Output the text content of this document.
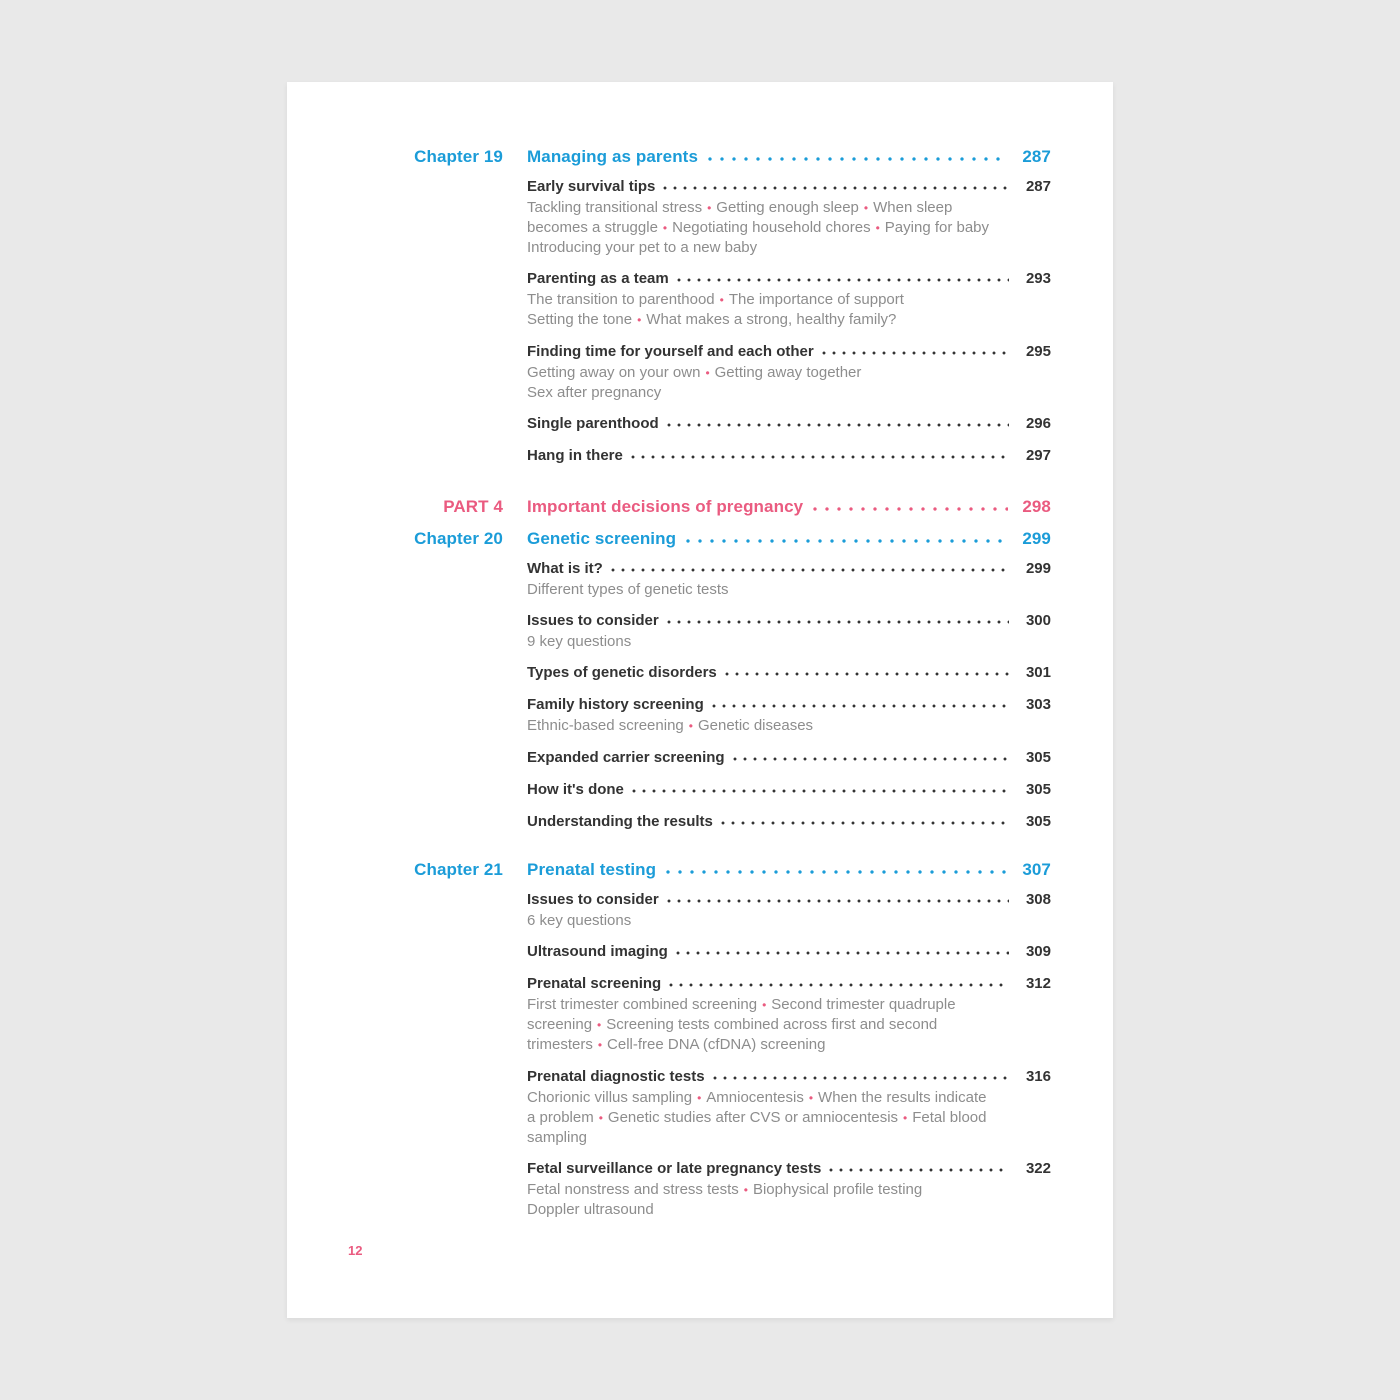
Chapter 19 Managing as parents	287
Early survival tips	287
Tackling transitional stress • Getting enough sleep • When sleep
becomes a struggle • Negotiating household chores • Paying for baby
Introducing your pet to a new baby
Parenting as a team	293
The transition to parenthood • The importance of support
Setting the tone • What makes a strong, healthy family?
Finding time for yourself and each other	295
Getting away on your own • Getting away together
Sex after pregnancy
Single parenthood	296
Hang in there	297
PART 4 Important decisions of pregnancy	298
Chapter 20 Genetic screening	299
What is it?	299
Different types of genetic tests
Issues to consider	300
9 key questions
Types of genetic disorders	301
Family history screening	303
Ethnic-based screening • Genetic diseases
Expanded carrier screening	305
How it's done	305
Understanding the results	305
Chapter 21 Prenatal testing	307
Issues to consider	308
6 key questions
Ultrasound imaging	309
Prenatal screening	312
First trimester combined screening • Second trimester quadruple
screening • Screening tests combined across first and second
trimesters • Cell-free DNA (cfDNA) screening
Prenatal diagnostic tests	316
Chorionic villus sampling • Amniocentesis • When the results indicate
a problem • Genetic studies after CVS or amniocentesis • Fetal blood
sampling
Fetal surveillance or late pregnancy tests	322
Fetal nonstress and stress tests • Biophysical profile testing
Doppler ultrasound
12
